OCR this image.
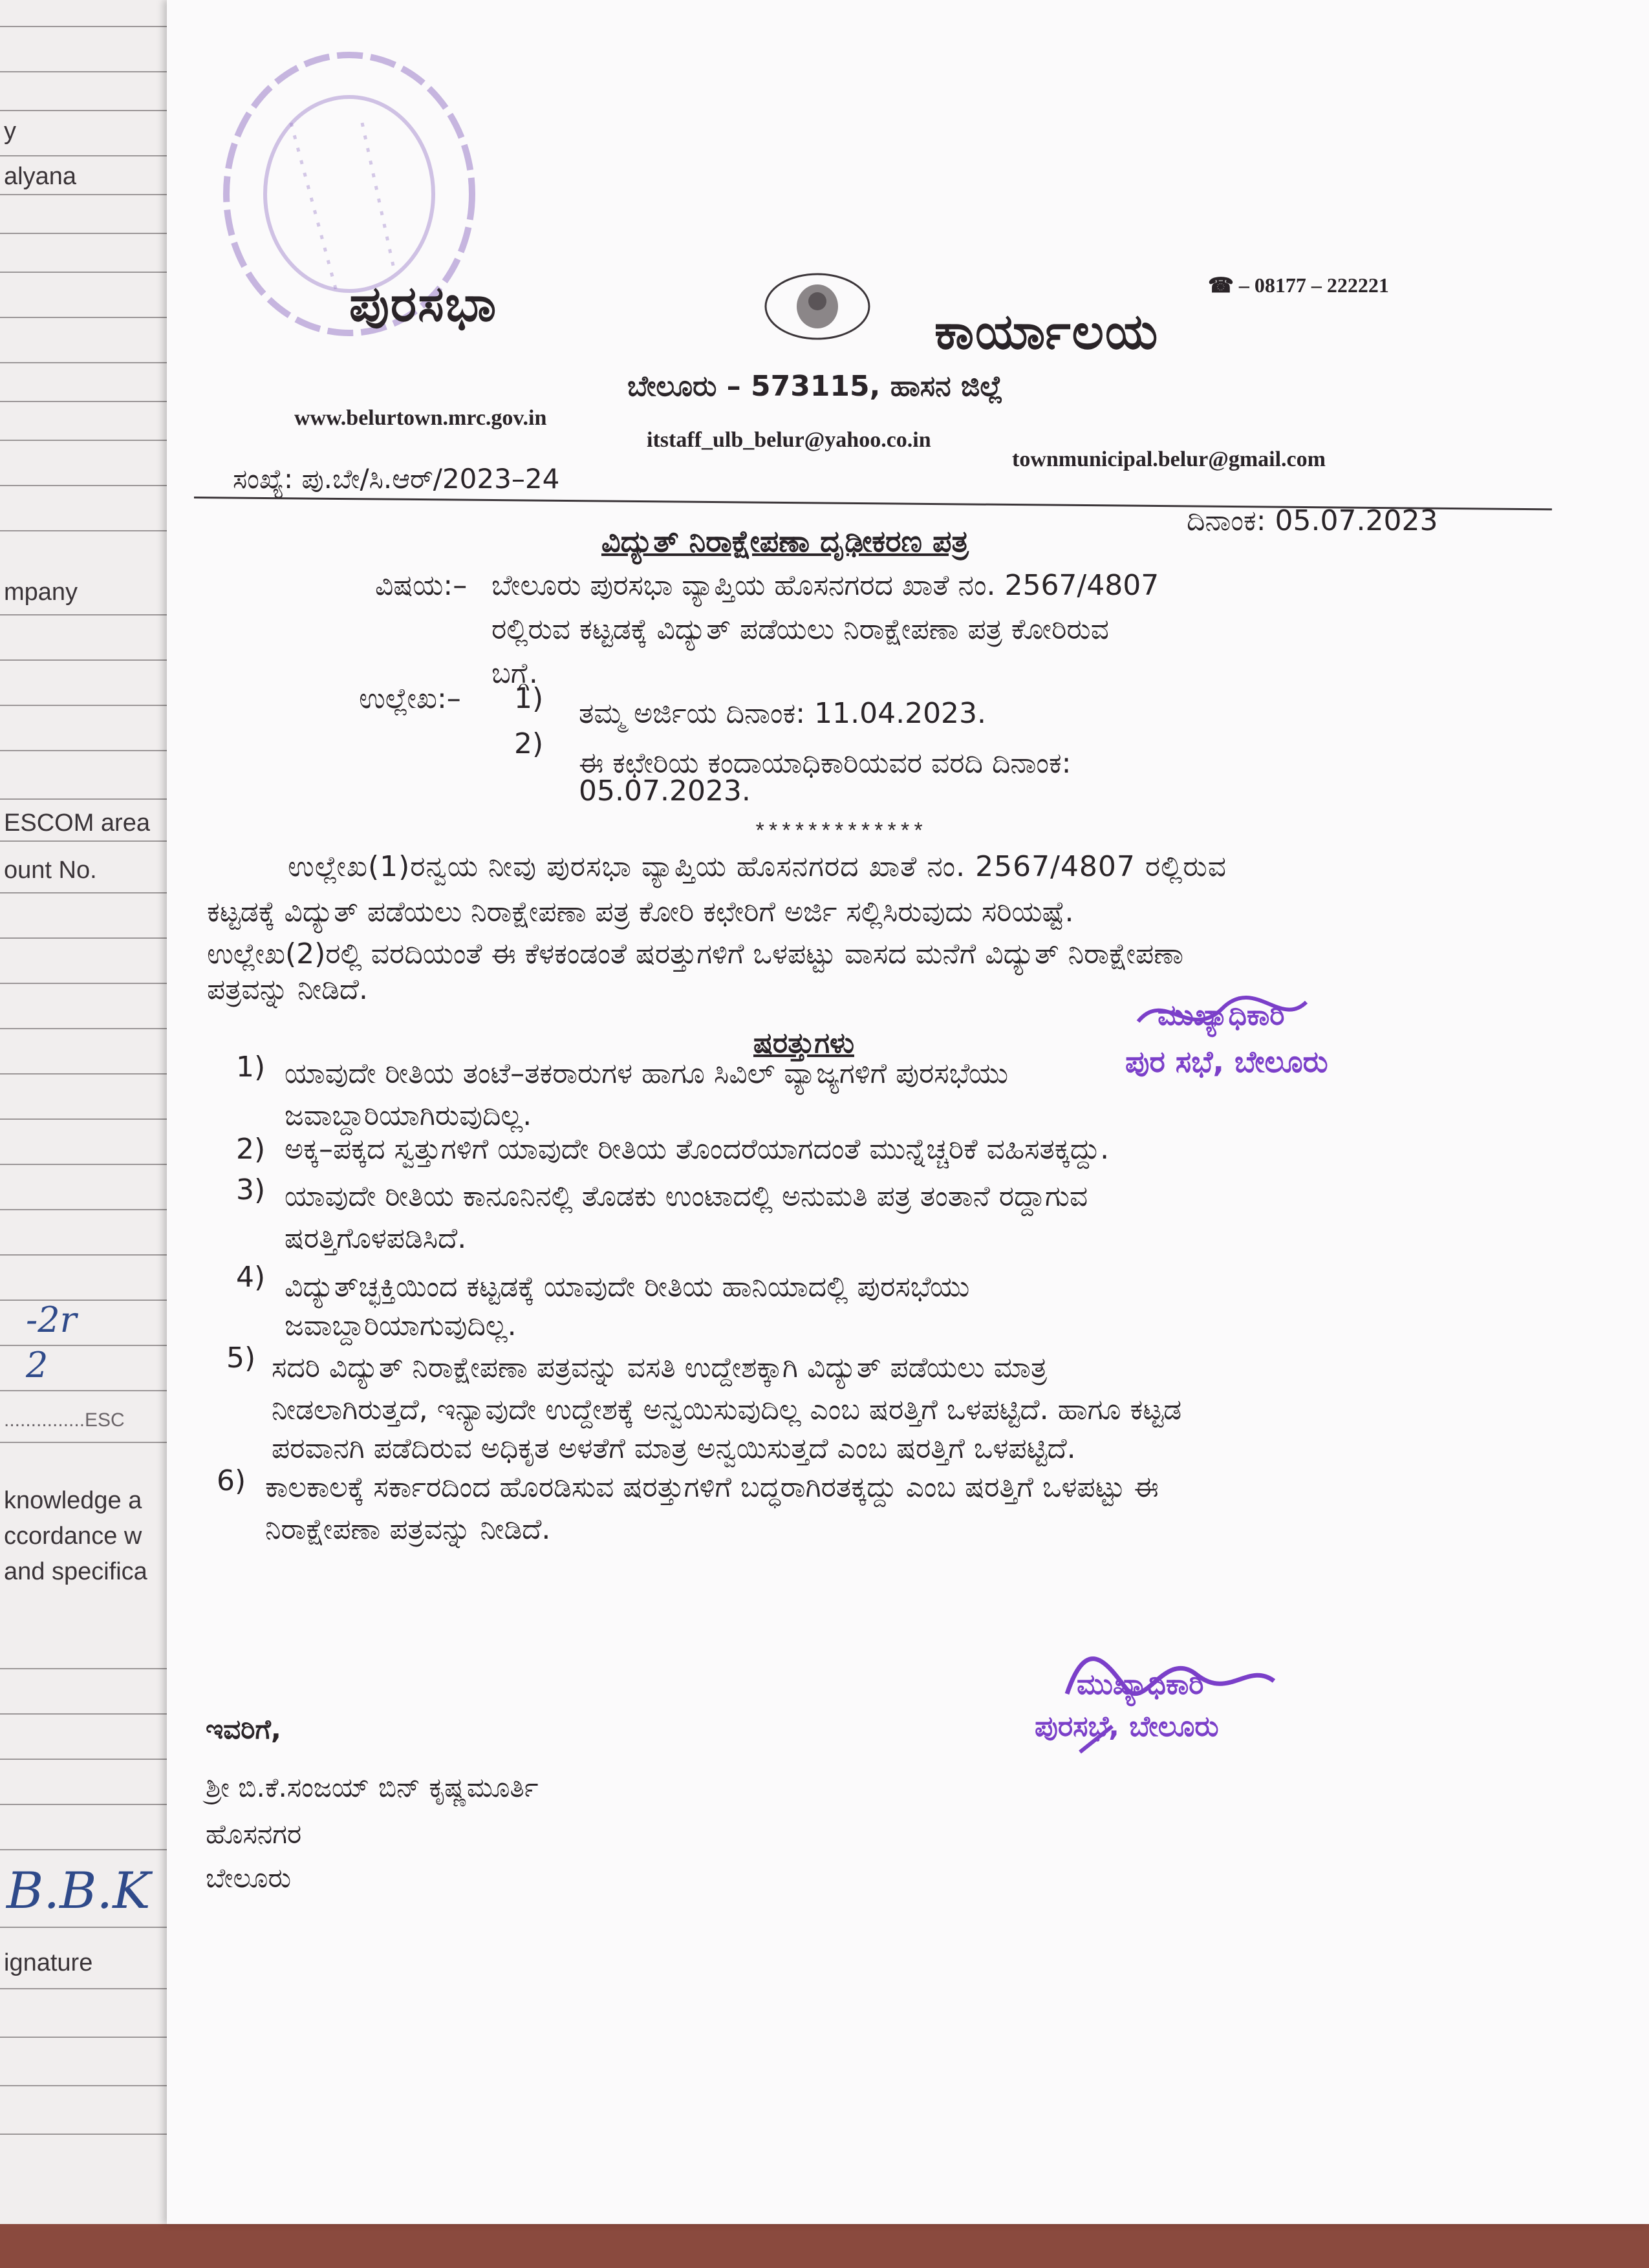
y
alyana
mpany
ESCOM area
ount No.
-2r
2
...............ESC
knowledge a
ccordance w
and specifica
B.B.K
ignature
ಪುರಸಭಾ	ಕಾರ್ಯಾಲಯ
☎ – 08177 – 222221
ಬೇಲೂರು – 573115, ಹಾಸನ ಜಿಲ್ಲೆ
www.belurtown.mrc.gov.in
itstaff_ulb_belur@yahoo.co.in
townmunicipal.belur@gmail.com
ಸಂಖ್ಯೆ: ಪು.ಬೇ/ಸಿ.ಆರ್/2023–24
ದಿನಾಂಕ: 05.07.2023
ವಿದ್ಯುತ್ ನಿರಾಕ್ಷೇಪಣಾ ದೃಢೀಕರಣ ಪತ್ರ
ವಿಷಯ:– ಬೇಲೂರು ಪುರಸಭಾ ವ್ಯಾಪ್ತಿಯ ಹೊಸನಗರದ ಖಾತೆ ನಂ. 2567/4807
ರಲ್ಲಿರುವ ಕಟ್ಟಡಕ್ಕೆ ವಿದ್ಯುತ್ ಪಡೆಯಲು ನಿರಾಕ್ಷೇಪಣಾ ಪತ್ರ ಕೋರಿರುವ
ಬಗ್ಗೆ.
ಉಲ್ಲೇಖ:– 1) ತಮ್ಮ ಅರ್ಜಿಯ ದಿನಾಂಕ: 11.04.2023.
2)
ಈ ಕಛೇರಿಯ ಕಂದಾಯಾಧಿಕಾರಿಯವರ ವರದಿ ದಿನಾಂಕ:
05.07.2023.
*************
ಉಲ್ಲೇಖ(1)ರನ್ವಯ ನೀವು ಪುರಸಭಾ ವ್ಯಾಪ್ತಿಯ ಹೊಸನಗರದ ಖಾತೆ ನಂ. 2567/4807 ರಲ್ಲಿರುವ
ಕಟ್ಟಡಕ್ಕೆ ವಿದ್ಯುತ್ ಪಡೆಯಲು ನಿರಾಕ್ಷೇಪಣಾ ಪತ್ರ ಕೋರಿ ಕಛೇರಿಗೆ ಅರ್ಜಿ ಸಲ್ಲಿಸಿರುವುದು ಸರಿಯಷ್ಟೆ.
ಉಲ್ಲೇಖ(2)ರಲ್ಲಿ ವರದಿಯಂತೆ ಈ ಕೆಳಕಂಡಂತೆ ಷರತ್ತುಗಳಿಗೆ ಒಳಪಟ್ಟು ವಾಸದ ಮನೆಗೆ ವಿದ್ಯುತ್ ನಿರಾಕ್ಷೇಪಣಾ
ಪತ್ರವನ್ನು ನೀಡಿದೆ.
ಷರತ್ತುಗಳು
1) ಯಾವುದೇ ರೀತಿಯ ತಂಟೆ–ತಕರಾರುಗಳ ಹಾಗೂ ಸಿವಿಲ್ ವ್ಯಾಜ್ಯಗಳಿಗೆ ಪುರಸಭೆಯು
ಜವಾಬ್ದಾರಿಯಾಗಿರುವುದಿಲ್ಲ.
2) ಅಕ್ಕ–ಪಕ್ಕದ ಸ್ವತ್ತುಗಳಿಗೆ ಯಾವುದೇ ರೀತಿಯ ತೊಂದರೆಯಾಗದಂತೆ ಮುನ್ನೆಚ್ಚರಿಕೆ ವಹಿಸತಕ್ಕದ್ದು.
3) ಯಾವುದೇ ರೀತಿಯ ಕಾನೂನಿನಲ್ಲಿ ತೊಡಕು ಉಂಟಾದಲ್ಲಿ ಅನುಮತಿ ಪತ್ರ ತಂತಾನೆ ರದ್ದಾಗುವ
ಷರತ್ತಿಗೊಳಪಡಿಸಿದೆ.
4) ವಿದ್ಯುತ್‌ಚ್ಛಕ್ತಿಯಿಂದ ಕಟ್ಟಡಕ್ಕೆ ಯಾವುದೇ ರೀತಿಯ ಹಾನಿಯಾದಲ್ಲಿ ಪುರಸಭೆಯು
ಜವಾಬ್ದಾರಿಯಾಗುವುದಿಲ್ಲ.
5) ಸದರಿ ವಿದ್ಯುತ್ ನಿರಾಕ್ಷೇಪಣಾ ಪತ್ರವನ್ನು ವಸತಿ ಉದ್ದೇಶಕ್ಕಾಗಿ ವಿದ್ಯುತ್ ಪಡೆಯಲು ಮಾತ್ರ
ನೀಡಲಾಗಿರುತ್ತದೆ, ಇನ್ಯಾವುದೇ ಉದ್ದೇಶಕ್ಕೆ ಅನ್ವಯಿಸುವುದಿಲ್ಲ ಎಂಬ ಷರತ್ತಿಗೆ ಒಳಪಟ್ಟಿದೆ. ಹಾಗೂ ಕಟ್ಟಡ
ಪರವಾನಗಿ ಪಡೆದಿರುವ ಅಧಿಕೃತ ಅಳತೆಗೆ ಮಾತ್ರ ಅನ್ವಯಿಸುತ್ತದೆ ಎಂಬ ಷರತ್ತಿಗೆ ಒಳಪಟ್ಟಿದೆ.
6) ಕಾಲಕಾಲಕ್ಕೆ ಸರ್ಕಾರದಿಂದ ಹೊರಡಿಸುವ ಷರತ್ತುಗಳಿಗೆ ಬದ್ಧರಾಗಿರತಕ್ಕದ್ದು ಎಂಬ ಷರತ್ತಿಗೆ ಒಳಪಟ್ಟು ಈ
ನಿರಾಕ್ಷೇಪಣಾ ಪತ್ರವನ್ನು ನೀಡಿದೆ.
ಮುಖ್ಯಾಧಿಕಾರಿ
ಪುರ ಸಭೆ, ಬೇಲೂರು
ಮುಖ್ಯಾಧಿಕಾರಿ
ಪುರಸಭೆ, ಬೇಲೂರು
ಇವರಿಗೆ,
ಶ್ರೀ ಬಿ.ಕೆ.ಸಂಜಯ್ ಬಿನ್ ಕೃಷ್ಣಮೂರ್ತಿ
ಹೊಸನಗರ
ಬೇಲೂರು
